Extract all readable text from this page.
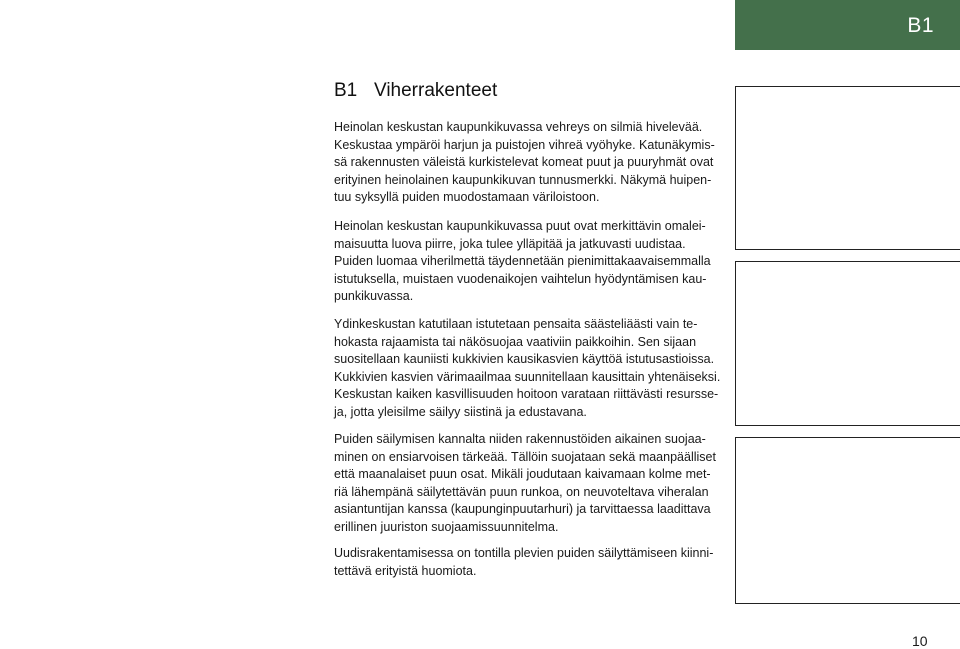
B1
B1 Viherrakenteet

Heinolan keskustan kaupunkikuvassa vehreys on silmiä hivelevää.
Keskustaa ympäröi harjun ja puistojen vihreä vyöhyke. Katunäkymis-
sä rakennusten väleistä kurkistelevat komeat puut ja puuryhmät ovat
erityinen heinolainen kaupunkikuvan tunnusmerkki. Näkymä huipen-
tuu syksyllä puiden muodostamaan väriloistoon.

Heinolan keskustan kaupunkikuvassa puut ovat merkittävin omalei-
maisuutta luova piirre, joka tulee ylläpitää ja jatkuvasti uudistaa.
Puiden luomaa viherilmettä täydennetään pienimittakaavaisemmalla
istutuksella, muistaen vuodenaikojen vaihtelun hyödyntämisen kau-
punkikuvassa.

Ydinkeskustan katutilaan istutetaan pensaita säästeliäästi vain te-
hokasta rajaamista tai näkösuojaa vaativiin paikkoihin. Sen sijaan
suositellaan kauniisti kukkivien kausikasvien käyttöä istutusastioissa.
Kukkivien kasvien värimaailmaa suunnitellaan kausittain yhtenäiseksi.
Keskustan kaiken kasvillisuuden hoitoon varataan riittävästi resursse-
ja, jotta yleisilme säilyy siistinä ja edustavana.

Puiden säilymisen kannalta niiden rakennustöiden aikainen suojaa-
minen on ensiarvoisen tärkeää. Tällöin suojataan sekä maanpäälliset
että maanalaiset puun osat. Mikäli joudutaan kaivamaan kolme met-
riä lähempänä säilytettävän puun runkoa, on neuvoteltava viheralan
asiantuntijan kanssa (kaupunginpuutarhuri) ja tarvittaessa laadittava
erillinen juuriston suojaamissuunnitelma.

Uudisrakentamisessa on tontilla plevien puiden säilyttämiseen kiinni-
tettävä erityistä huomiota.

10
